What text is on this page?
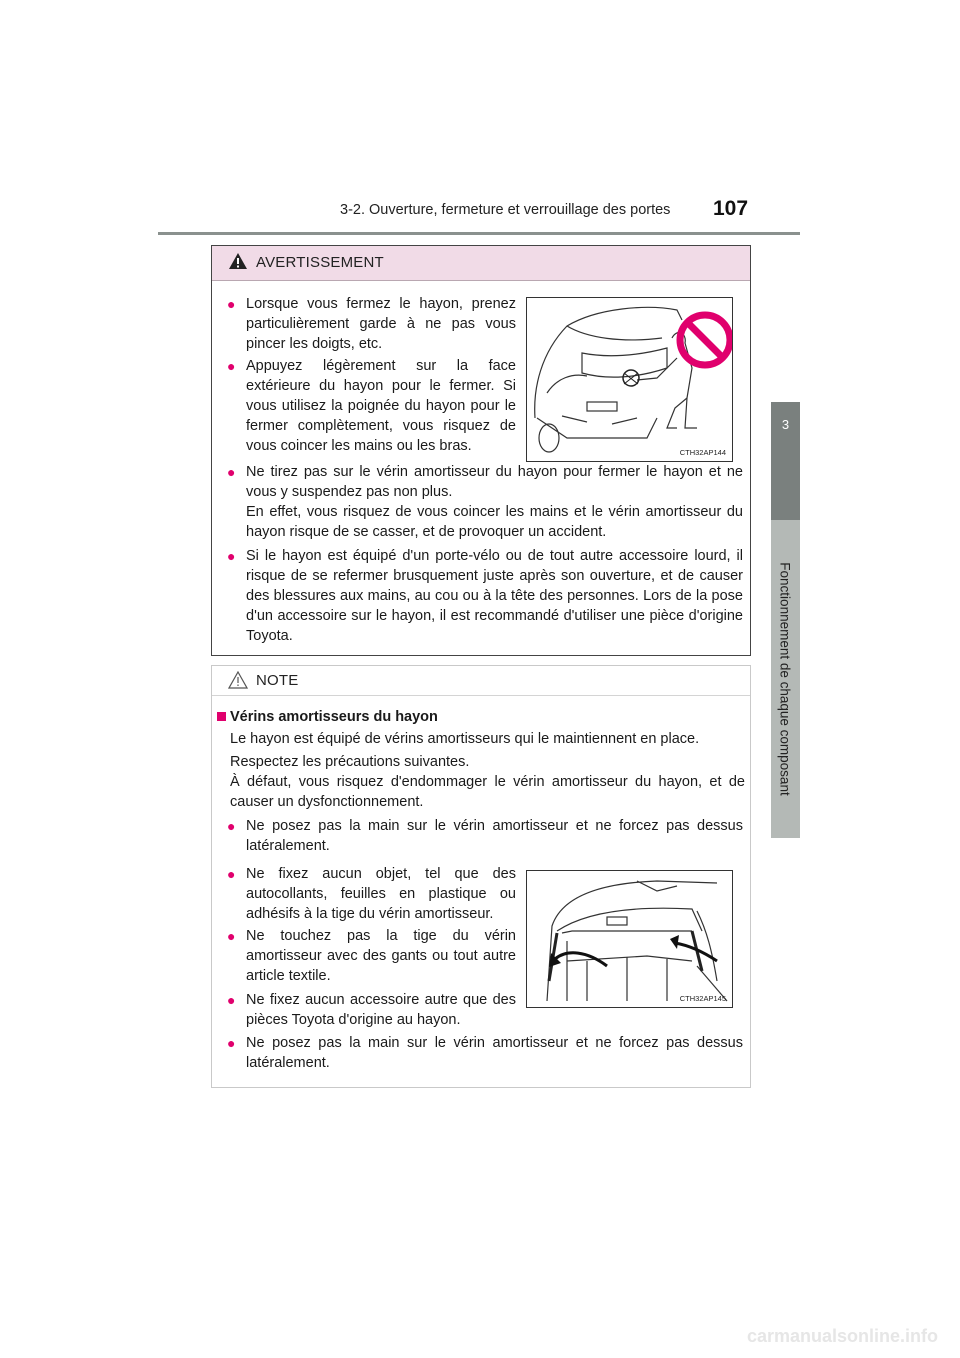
3-2. Ouverture, fermeture et verrouillage des portes 107
3
Fonctionnement de chaque composant
AVERTISSEMENT
● Lorsque vous fermez le hayon, prenez particulièrement garde à ne pas vous pincer les doigts, etc.
● Appuyez légèrement sur la face extérieure du hayon pour le fermer. Si vous utilisez la poignée du hayon pour le fermer complètement, vous risquez de vous coincer les mains ou les bras.	CTH32AP144
● Ne tirez pas sur le vérin amortisseur du hayon pour fermer le hayon et ne vous y suspendez pas non plus.
En effet, vous risquez de vous coincer les mains et le vérin amortisseur du hayon risque de se casser, et de provoquer un accident.
● Si le hayon est équipé d'un porte-vélo ou de tout autre accessoire lourd, il risque de se refermer brusquement juste après son ouverture, et de causer des blessures aux mains, au cou ou à la tête des personnes. Lors de la pose d'un accessoire sur le hayon, il est recommandé d'utiliser une pièce d'origine Toyota.
NOTE
Vérins amortisseurs du hayon
Le hayon est équipé de vérins amortisseurs qui le maintiennent en place.
Respectez les précautions suivantes.
À défaut, vous risquez d'endommager le vérin amortisseur du hayon, et de causer un dysfonctionnement.
● Ne posez pas la main sur le vérin amortisseur et ne forcez pas dessus latéralement.
● Ne fixez aucun objet, tel que des autocollants, feuilles en plastique ou adhésifs à la tige du vérin amortisseur.
● Ne touchez pas la tige du vérin amortisseur avec des gants ou tout autre article textile.
● Ne fixez aucun accessoire autre que des pièces Toyota d'origine au hayon.
CTH32AP145
● Ne posez pas la main sur le vérin amortisseur et ne forcez pas dessus latéralement.
carmanualsonline.info
